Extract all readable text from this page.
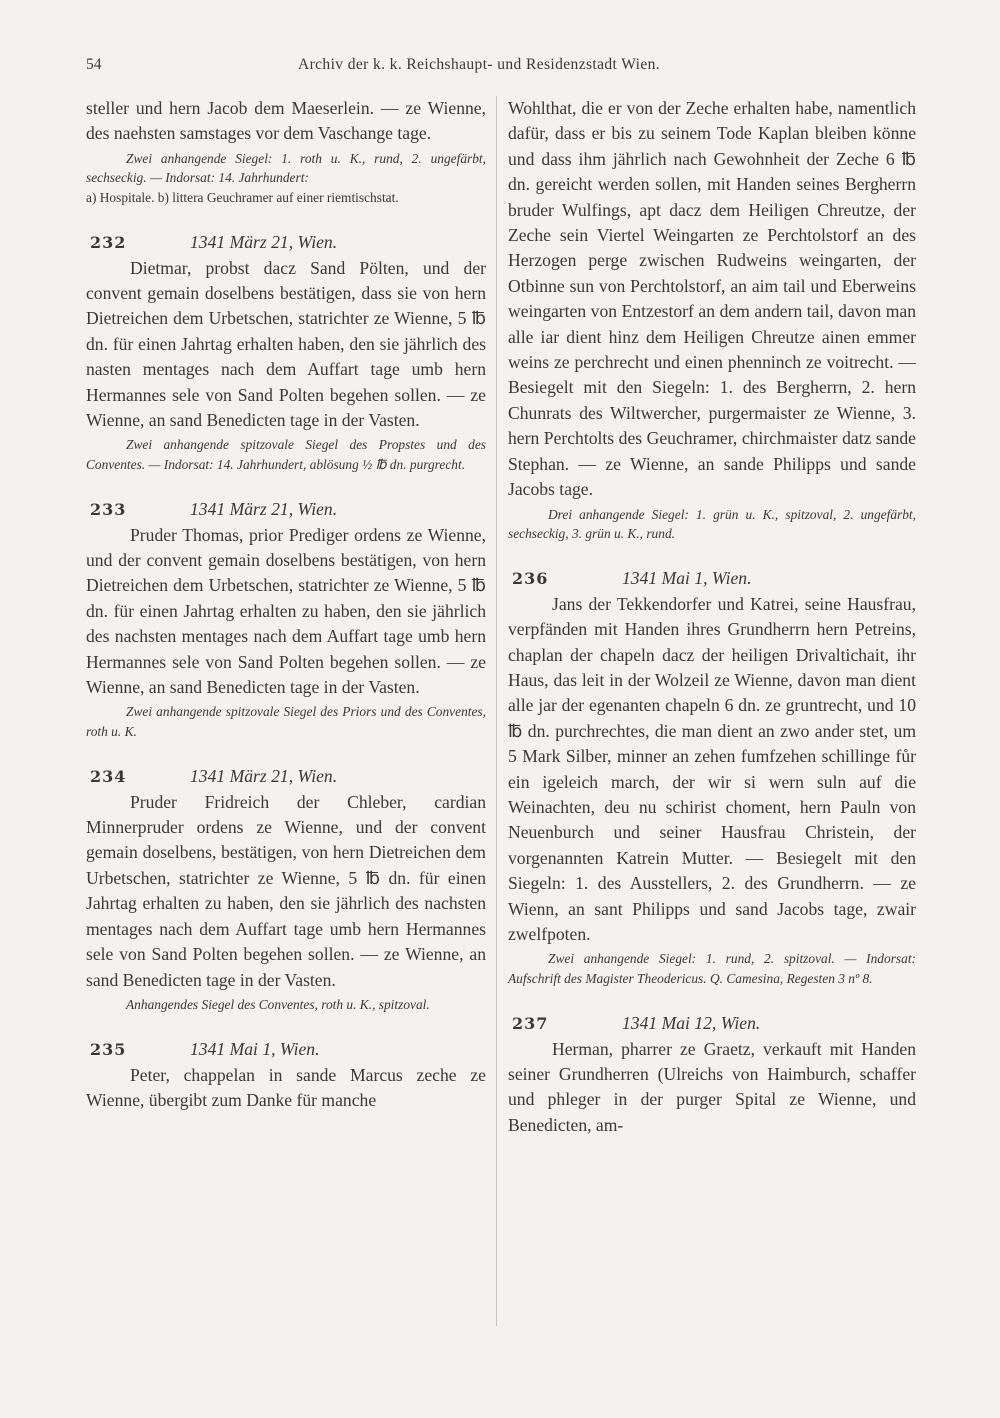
54	Archiv der k. k. Reichshaupt- und Residenzstadt Wien.

steller und hern Jacob dem Maeserlein. — ze Wienne, des naehsten samstages vor dem Vaschange tage.

Zwei anhangende Siegel: 1. roth u. K., rund, 2. ungefärbt, sechseckig. — Indorsat: 14. Jahrhundert:

a) Hospitale. b) littera Geuchramer auf einer riemtischstat.

232	1341 März 21, Wien.

Dietmar, probst dacz Sand Pölten, und der convent gemain doselbens bestätigen, dass sie von hern Dietreichen dem Urbetschen, statrichter ze Wienne, 5 ℔ dn. für einen Jahrtag erhalten haben, den sie jährlich des nasten mentages nach dem Auffart tage umb hern Hermannes sele von Sand Polten begehen sollen. — ze Wienne, an sand Benedicten tage in der Vasten.

Zwei anhangende spitzovale Siegel des Propstes und des Conventes. — Indorsat: 14. Jahrhundert, ablösung ½ ℔ dn. purgrecht.

233	1341 März 21, Wien.

Pruder Thomas, prior Prediger ordens ze Wienne, und der convent gemain doselbens bestätigen, von hern Dietreichen dem Urbetschen, statrichter ze Wienne, 5 ℔ dn. für einen Jahrtag erhalten zu haben, den sie jährlich des nachsten mentages nach dem Auffart tage umb hern Hermannes sele von Sand Polten begehen sollen. — ze Wienne, an sand Benedicten tage in der Vasten.

Zwei anhangende spitzovale Siegel des Priors und des Conventes, roth u. K.

234	1341 März 21, Wien.

Pruder Fridreich der Chleber, cardian Minnerpruder ordens ze Wienne, und der convent gemain doselbens, bestätigen, von hern Dietreichen dem Urbetschen, statrichter ze Wienne, 5 ℔ dn. für einen Jahrtag erhalten zu haben, den sie jährlich des nachsten mentages nach dem Auffart tage umb hern Hermannes sele von Sand Polten begehen sollen. — ze Wienne, an sand Benedicten tage in der Vasten.

Anhangendes Siegel des Conventes, roth u. K., spitzoval.

235	1341 Mai 1, Wien.

Peter, chappelan in sande Marcus zeche ze Wienne, übergibt zum Danke für manche

Wohlthat, die er von der Zeche erhalten habe, namentlich dafür, dass er bis zu seinem Tode Kaplan bleiben könne und dass ihm jährlich nach Gewohnheit der Zeche 6 ℔ dn. gereicht werden sollen, mit Handen seines Bergherrn bruder Wulfings, apt dacz dem Heiligen Chreutze, der Zeche sein Viertel Weingarten ze Perchtolstorf an des Herzogen perge zwischen Rudweins weingarten, der Otbinne sun von Perchtolstorf, an aim tail und Eberweins weingarten von Entzestorf an dem andern tail, davon man alle iar dient hinz dem Heiligen Chreutze ainen emmer weins ze perchrecht und einen phenninch ze voitrecht. — Besiegelt mit den Siegeln: 1. des Bergherrn, 2. hern Chunrats des Wiltwercher, purgermaister ze Wienne, 3. hern Perchtolts des Geuchramer, chirchmaister datz sande Stephan. — ze Wienne, an sande Philipps und sande Jacobs tage.

Drei anhangende Siegel: 1. grün u. K., spitzoval, 2. ungefärbt, sechseckig, 3. grün u. K., rund.

236	1341 Mai 1, Wien.

Jans der Tekkendorfer und Katrei, seine Hausfrau, verpfänden mit Handen ihres Grundherrn hern Petreins, chaplan der chapeln dacz der heiligen Drivaltichait, ihr Haus, das leit in der Wolzeil ze Wienne, davon man dient alle jar der egenanten chapeln 6 dn. ze gruntrecht, und 10 ℔ dn. purchrechtes, die man dient an zwo ander stet, um 5 Mark Silber, minner an zehen fumfzehen schillinge fůr ein igeleich march, der wir si wern suln auf die Weinachten, deu nu schirist choment, hern Pauln von Neuenburch und seiner Hausfrau Christein, der vorgenannten Katrein Mutter. — Besiegelt mit den Siegeln: 1. des Ausstellers, 2. des Grundherrn. — ze Wienn, an sant Philipps und sand Jacobs tage, zwair zwelfpoten.

Zwei anhangende Siegel: 1. rund, 2. spitzoval. — Indorsat: Aufschrift des Magister Theodericus. Q. Camesina, Regesten 3 nº 8.

237	1341 Mai 12, Wien.

Herman, pharrer ze Graetz, verkauft mit Handen seiner Grundherren (Ulreichs von Haimburch, schaffer und phleger in der purger Spital ze Wienne, und Benedicten, am-
